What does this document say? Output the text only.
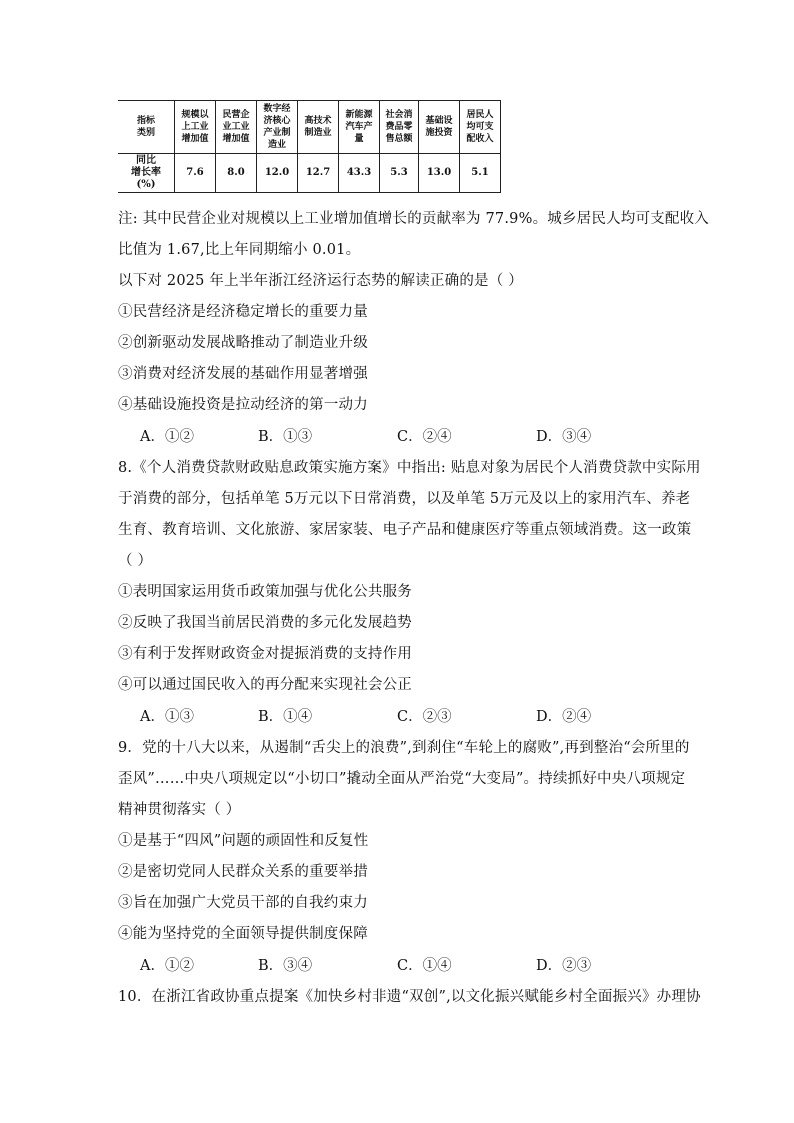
指标
类别	规模以
上工业
增加值	民营企
业工业
增加值	数字经
济核心
产业制
造业	高技术
制造业	新能源
汽车产
量	社会消
费品零
售总额	基础设
施投资	居民人
均可支
配收入
同比
增长率
(%)	7.6	8.0	12.0	12.7	43.3	5.3	13.0	5.1
注: 其中民营企业对规模以上工业增加值增长的贡献率为 77.9%。城乡居民人均可支配收入
比值为 1.67,比上年同期缩小 0.01。
以下对 2025 年上半年浙江经济运行态势的解读正确的是（ ）
①民营经济是经济稳定增长的重要力量
②创新驱动发展战略推动了制造业升级
③消费对经济发展的基础作用显著增强
④基础设施投资是拉动经济的第一动力
A．①②	B．①③	C．②④	D．③④
8.《个人消费贷款财政贴息政策实施方案》中指出: 贴息对象为居民个人消费贷款中实际用
于消费的部分，包括单笔 5万元以下日常消费，以及单笔 5万元及以上的家用汽车、养老
生育、教育培训、文化旅游、家居家装、电子产品和健康医疗等重点领域消费。这一政策
（ ）
①表明国家运用货币政策加强与优化公共服务
②反映了我国当前居民消费的多元化发展趋势
③有利于发挥财政资金对提振消费的支持作用
④可以通过国民收入的再分配来实现社会公正
A．①③	B．①④	C．②③	D．②④
9．党的十八大以来，从遏制“舌尖上的浪费”,到刹住“车轮上的腐败”,再到整治“会所里的
歪风”……中央八项规定以“小切口”撬动全面从严治党“大变局”。持续抓好中央八项规定
精神贯彻落实（ ）
①是基于“四风”问题的顽固性和反复性
②是密切党同人民群众关系的重要举措
③旨在加强广大党员干部的自我约束力
④能为坚持党的全面领导提供制度保障
A．①②	B．③④	C．①④	D．②③
10．在浙江省政协重点提案《加快乡村非遗“双创”,以文化振兴赋能乡村全面振兴》办理协
